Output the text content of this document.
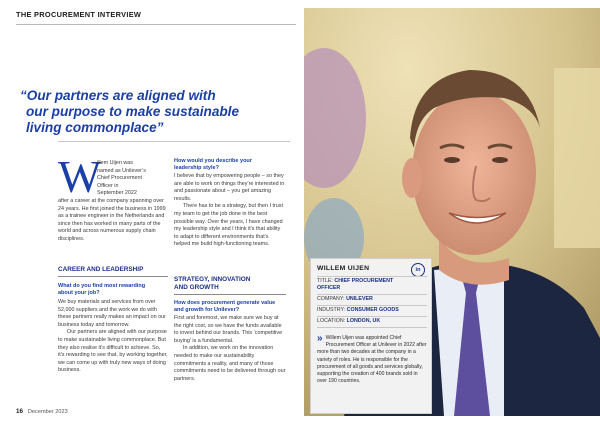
THE PROCUREMENT INTERVIEW
“Our partners are aligned with
our purpose to make sustainable
living commonplace”
W

illem Uijen was

named as Unilever’s

Chief Procurement

Officer in

September 2022

after a career at the company spanning over 24 years. He first joined the business in 1999 as a trainee engineer in the Netherlands and since then has worked in many parts of the world and across numerous supply chain disciplines.
CAREER AND LEADERSHIP
What do you find most rewarding about your job?

We buy materials and services from over 52,000 suppliers and the work we do with these partners really makes an impact on our business today and tomorrow.

Our partners are aligned with our purpose to make sustainable living commonplace. But they also realise it’s difficult to achieve. So, it’s rewarding to see that, by working together, we can come up with truly new ways of doing business.

How would you describe your leadership style?

I believe that by empowering people – so they are able to work on things they’re interested in and passionate about – you get amazing results.

There has to be a strategy, but then I trust my team to get the job done in the best possible way. Over the years, I have changed my leadership style and I think it’s that ability to adapt to different environments that’s helped me build high-functioning teams.

STRATEGY, INNOVATION
AND GROWTH
How does procurement generate value and growth for Unilever?

First and foremost, we make sure we buy at the right cost, so we have the funds available to invest behind our brands. This ‘competitive buying’ is a fundamental.

In addition, we work on the innovation needed to make our sustainability commitments a reality, and many of those commitments need to be delivered through our partners.

WILLEM UIJEN	in
TITLE: CHIEF PROCUREMENT
OFFICER
COMPANY: UNILEVER
INDUSTRY: CONSUMER GOODS
LOCATION: LONDON, UK
» Willem Uijen was appointed Chief Procurement Officer at Unilever in 2022 after more than two decades at the company in a variety of roles. He is responsible for the procurement of all goods and services globally, supporting the creation of 400 brands sold in over 190 countries.
16 December 2023
